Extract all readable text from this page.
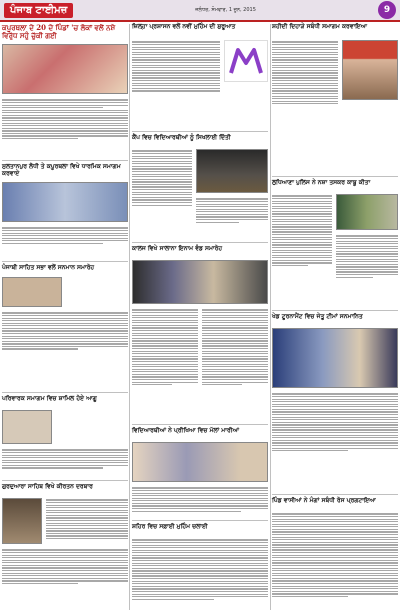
ਪੰਜਾਬ ਟਾਈਮਜ਼	ਜਲੰਧਰ, ਸੋਮਵਾਰ, 1 ਜੂਨ, 2015	9
ਕਪੂਰਥਲਾ ਦੇ 20 ਦੇ ਪਿੰਡਾਂ 'ਚ ਲੋਕਾਂ ਵਲੋਂ ਨਸ਼ੇ ਵਿਰੁੱਧ ਸਹੁੰ ਚੁੱਕੀ ਗਈ
ਸੁਲਤਾਨਪੁਰ ਲੋਧੀ ਤੇ ਕਪੂਰਥਲਾ ਵਿਖੇ ਧਾਰਮਿਕ ਸਮਾਗਮ ਕਰਵਾਏ
ਪੰਜਾਬੀ ਸਾਹਿਤ ਸਭਾ ਵਲੋਂ ਸਨਮਾਨ ਸਮਾਰੋਹ
ਪਰਿਵਾਰਕ ਸਮਾਗਮ ਵਿਚ ਸ਼ਾਮਿਲ ਹੋਏ ਆਗੂ
ਗੁਰਦੁਆਰਾ ਸਾਹਿਬ ਵਿਖੇ ਕੀਰਤਨ ਦਰਬਾਰ
ਜ਼ਿਲ੍ਹਾ ਪ੍ਰਸ਼ਾਸਨ ਵਲੋਂ ਨਵੀਂ ਮੁਹਿੰਮ ਦੀ ਸ਼ੁਰੂਆਤ
ਕੈਂਪ ਵਿਚ ਵਿਦਿਆਰਥੀਆਂ ਨੂੰ ਸਿਖਲਾਈ ਦਿੱਤੀ
ਕਾਲਜ ਵਿਖੇ ਸਾਲਾਨਾ ਇਨਾਮ ਵੰਡ ਸਮਾਰੋਹ
ਵਿਦਿਆਰਥੀਆਂ ਨੇ ਪ੍ਰੀਖਿਆ ਵਿਚ ਮੱਲਾਂ ਮਾਰੀਆਂ
ਸ਼ਹਿਰ ਵਿਚ ਸਫ਼ਾਈ ਮੁਹਿੰਮ ਚਲਾਈ
ਸ਼ਹੀਦੀ ਦਿਹਾੜੇ ਸਬੰਧੀ ਸਮਾਗਮ ਕਰਵਾਇਆ
ਲੁਧਿਆਣਾ ਪੁਲਿਸ ਨੇ ਨਸ਼ਾ ਤਸਕਰ ਕਾਬੂ ਕੀਤਾ
ਖੇਡ ਟੂਰਨਾਮੈਂਟ ਵਿਚ ਜੇਤੂ ਟੀਮਾਂ ਸਨਮਾਨਿਤ
ਪਿੰਡ ਵਾਸੀਆਂ ਨੇ ਮੰਗਾਂ ਸਬੰਧੀ ਰੋਸ ਪ੍ਰਗਟਾਇਆ
